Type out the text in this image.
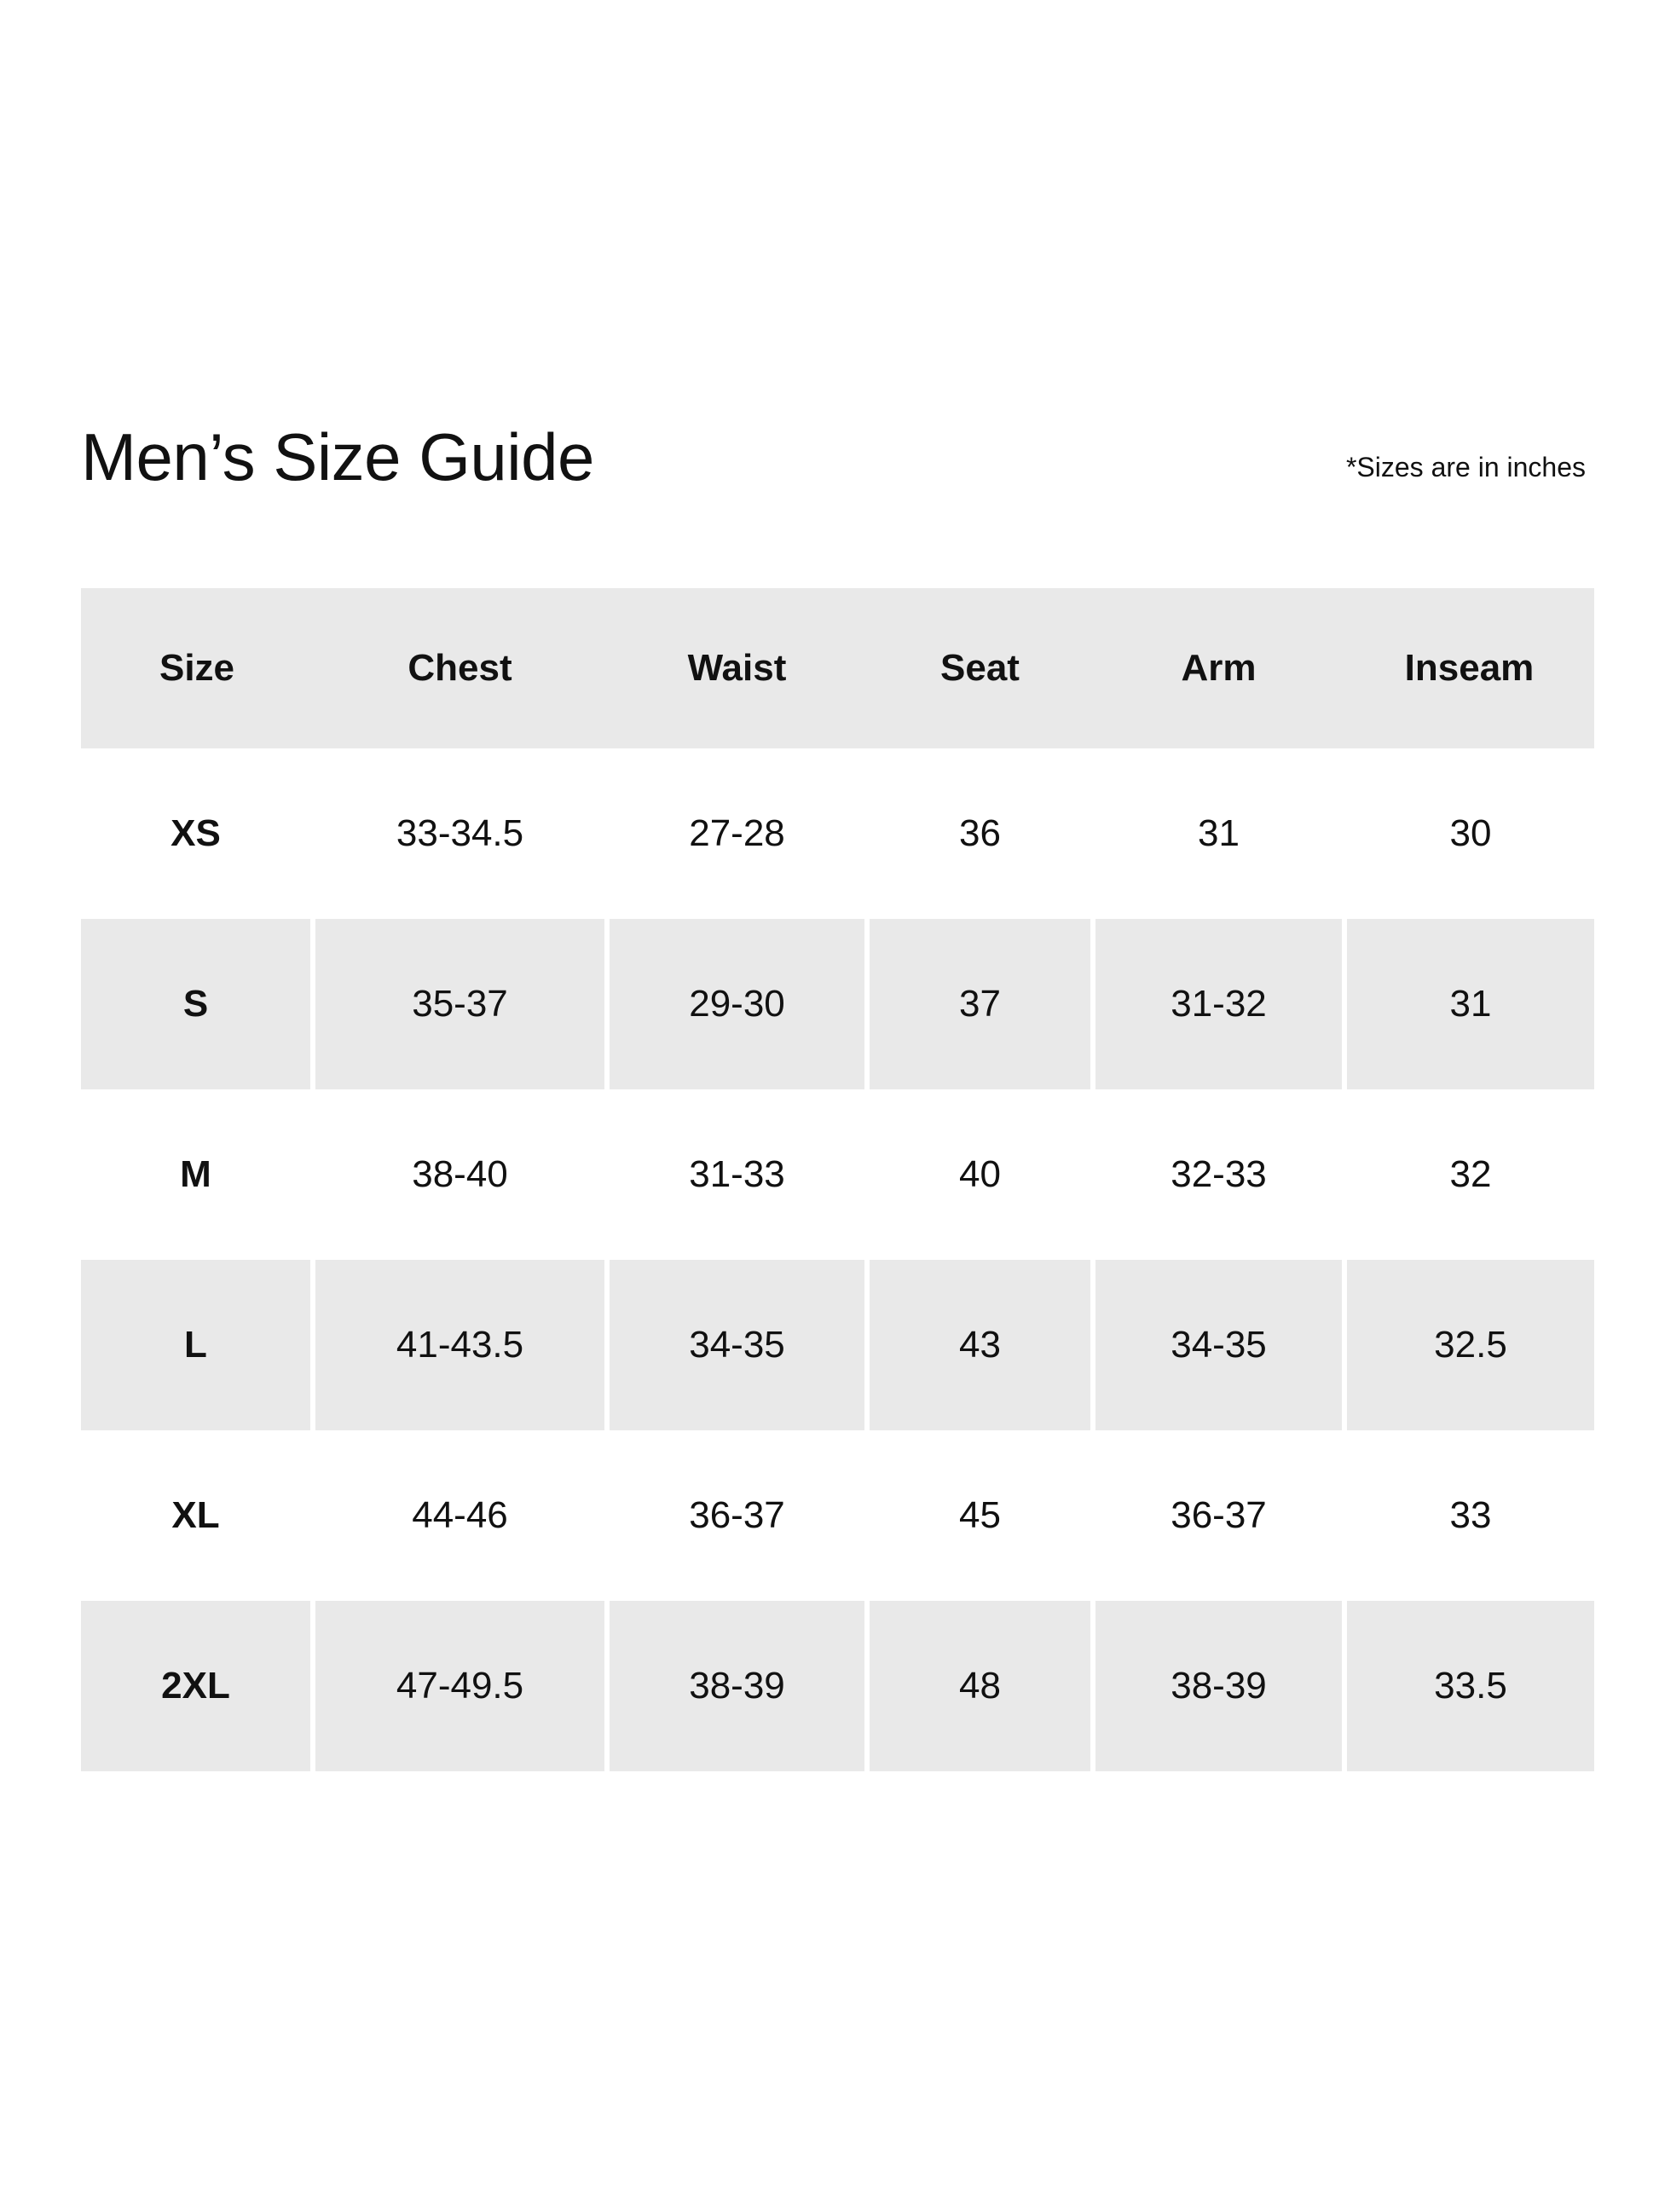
Men’s Size Guide	*Sizes are in inches
Size	Chest	Waist	Seat	Arm	Inseam
XS	33-34.5	27-28	36	31	30
S	35-37	29-30	37	31-32	31
M	38-40	31-33	40	32-33	32
L	41-43.5	34-35	43	34-35	32.5
XL	44-46	36-37	45	36-37	33
2XL	47-49.5	38-39	48	38-39	33.5
